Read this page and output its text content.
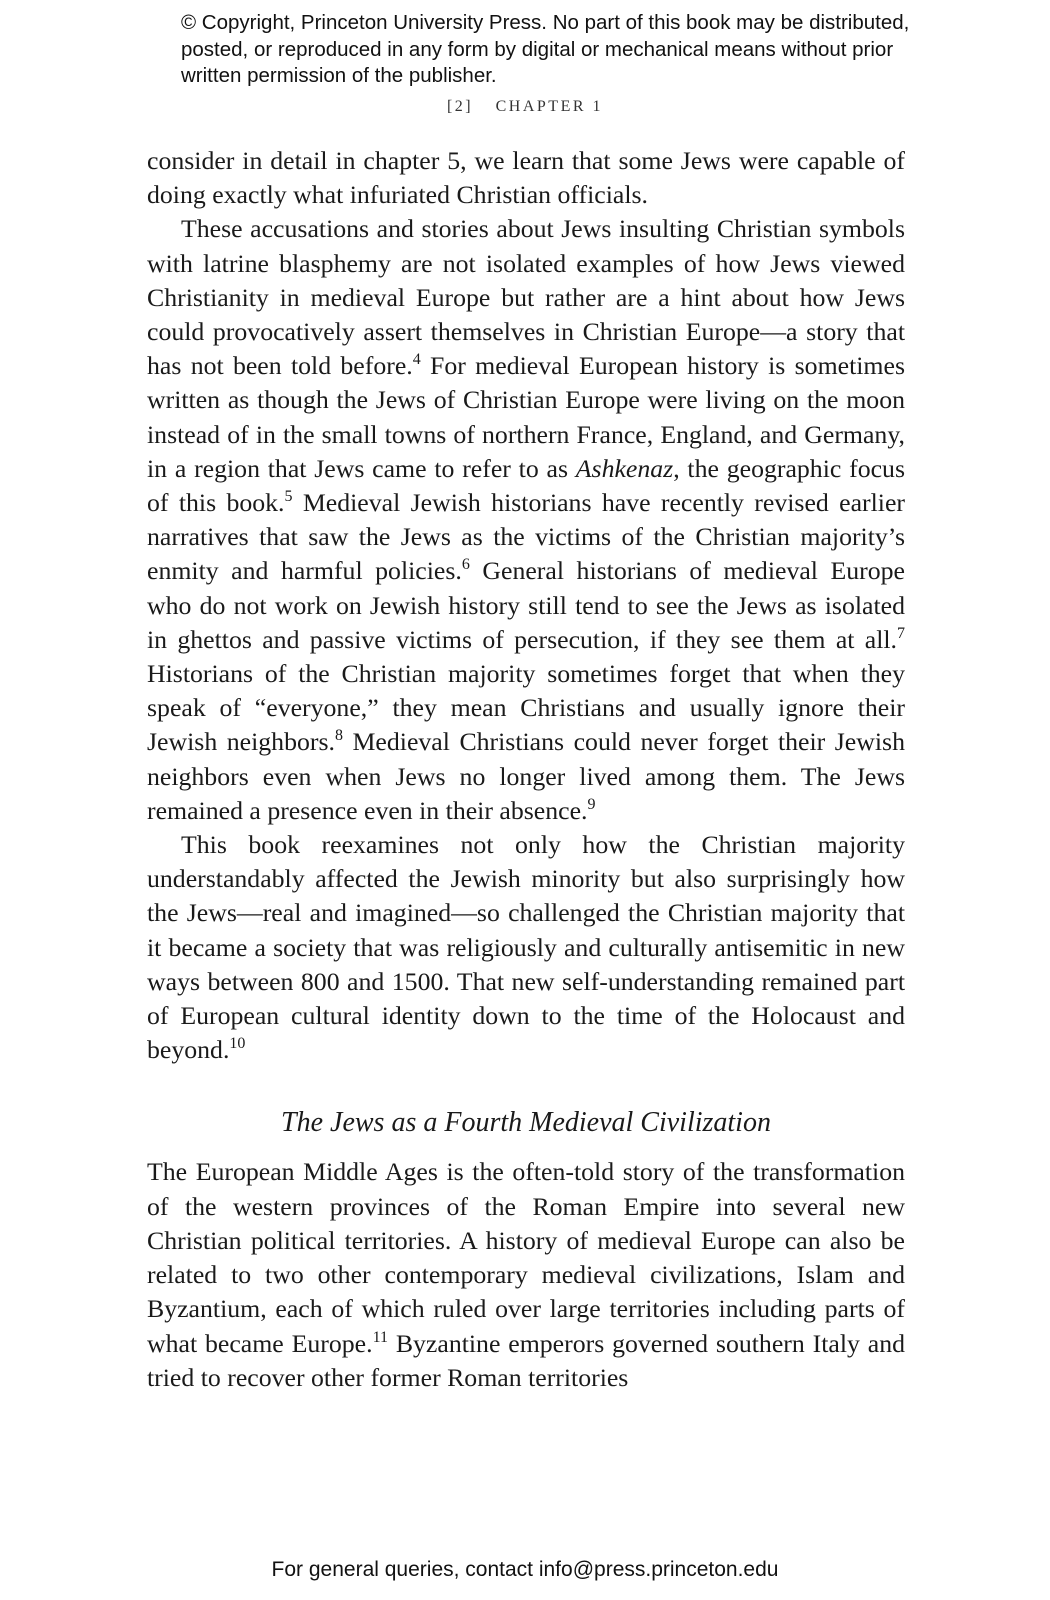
© Copyright, Princeton University Press. No part of this book may be distributed, posted, or reproduced in any form by digital or mechanical means without prior written permission of the publisher.
[2] CHAPTER 1

consider in detail in chapter 5, we learn that some Jews were capable of doing exactly what infuriated Christian officials.

These accusations and stories about Jews insulting Christian symbols with latrine blasphemy are not isolated examples of how Jews viewed Christianity in medieval Europe but rather are a hint about how Jews could provocatively assert themselves in Christian Europe—a story that has not been told before.$^4$ For medieval European history is sometimes written as though the Jews of Christian Europe were living on the moon instead of in the small towns of northern France, England, and Germany, in a region that Jews came to refer to as Ashkenaz, the geographic focus of this book.$^5$ Medieval Jewish historians have recently revised earlier narratives that saw the Jews as the victims of the Christian majority’s enmity and harmful policies.$^6$ General historians of medieval Europe who do not work on Jewish history still tend to see the Jews as isolated in ghettos and passive victims of persecution, if they see them at all.$^7$ Historians of the Christian majority sometimes forget that when they speak of “everyone,” they mean Christians and usually ignore their Jewish neighbors.$^8$ Medieval Christians could never forget their Jewish neighbors even when Jews no longer lived among them. The Jews remained a presence even in their absence.$^9$

This book reexamines not only how the Christian majority understandably affected the Jewish minority but also surprisingly how the Jews—real and imagined—so challenged the Christian majority that it became a society that was religiously and culturally antisemitic in new ways between 800 and 1500. That new self-understanding remained part of European cultural identity down to the time of the Holocaust and beyond.$^{10}$

The Jews as a Fourth Medieval Civilization

The European Middle Ages is the often-told story of the transformation of the western provinces of the Roman Empire into several new Christian political territories. A history of medieval Europe can also be related to two other contemporary medieval civilizations, Islam and Byzantium, each of which ruled over large territories including parts of what became Europe.$^{11}$ Byzantine emperors governed southern Italy and tried to recover other former Roman territories

For general queries, contact info@press.princeton.edu
